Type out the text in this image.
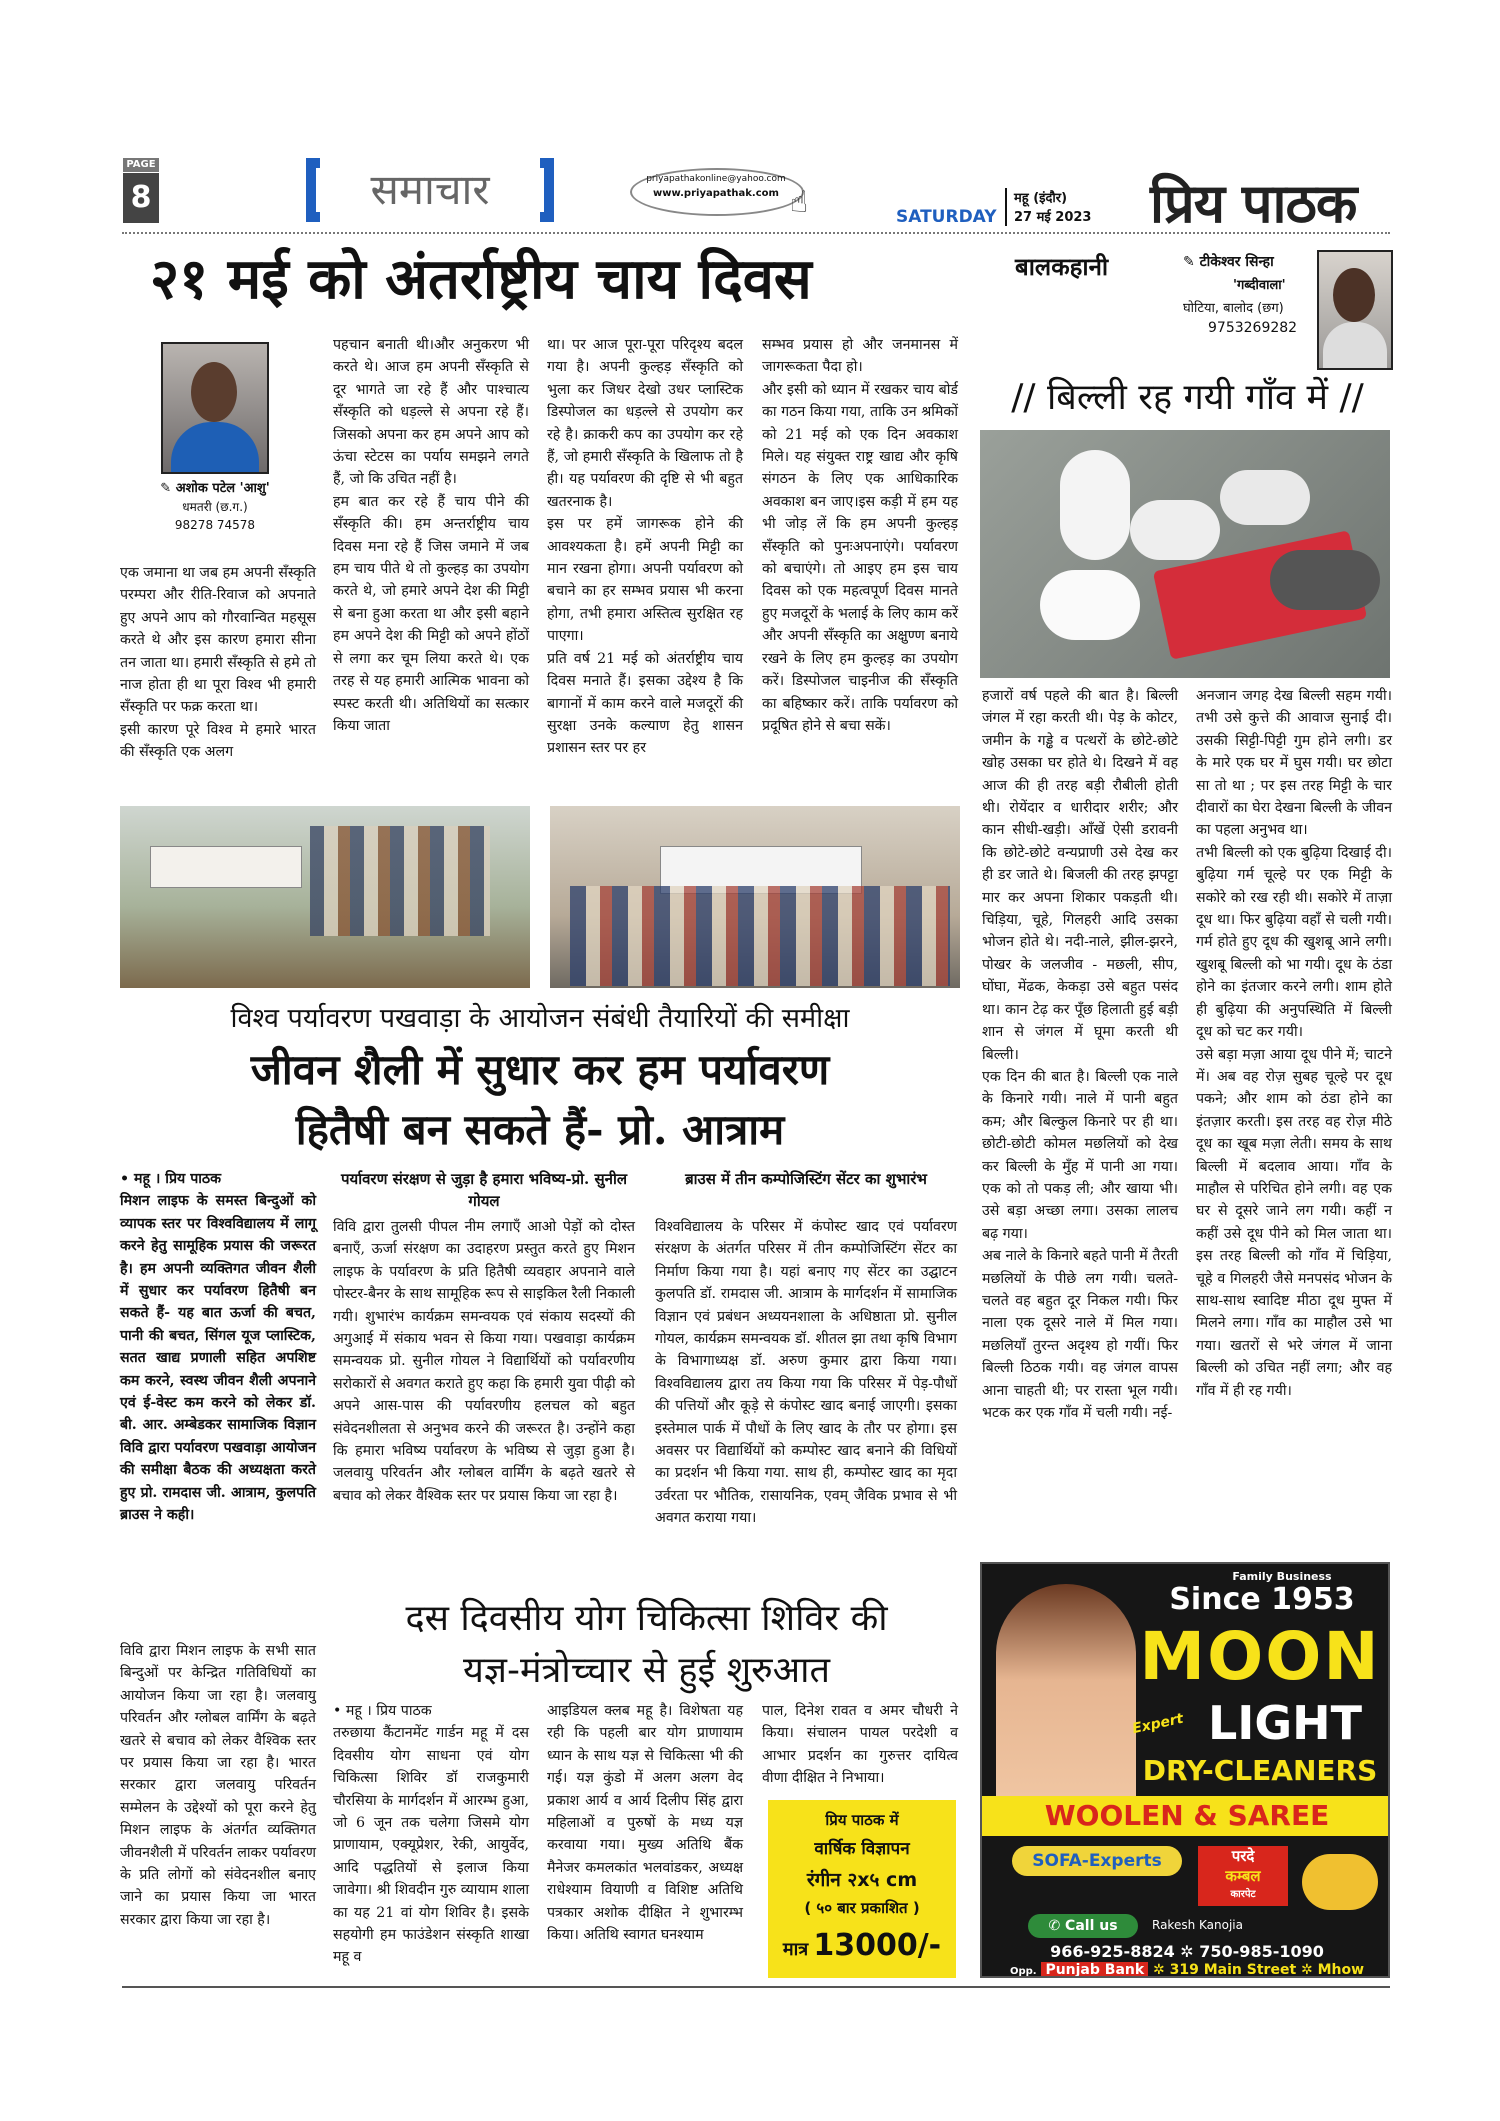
PAGE
8	समाचार	priyapathakonline@yahoo.com
www.priyapathak.com ☝	SATURDAY
महू (इंदौर)
27 मई 2023 प्रिय पाठक
२१ मई को अंतर्राष्ट्रीय चाय दिवस
✎ अशोक पटेल 'आशु'
धमतरी (छ.ग.)
98278 74578

एक जमाना था जब हम अपनी सँस्कृति परम्परा और रीति-रिवाज को अपनाते हुए अपने आप को गौरवान्वित महसूस करते थे और इस कारण हमारा सीना तन जाता था। हमारी सँस्कृति से हमे तो नाज होता ही था पूरा विश्व भी हमारी सँस्कृति पर फक्र करता था।
इसी कारण पूरे विश्व मे हमारे भारत की सँस्कृति एक अलग

पहचान बनाती थी।और अनुकरण भी करते थे। आज हम अपनी सँस्कृति से दूर भागते जा रहे हैं और पाश्चात्य सँस्कृति को धड़ल्ले से अपना रहे हैं। जिसको अपना कर हम अपने आप को ऊंचा स्टेटस का पर्याय समझने लगते हैं, जो कि उचित नहीं है।
हम बात कर रहे हैं चाय पीने की सँस्कृति की। हम अन्तर्राष्ट्रीय चाय दिवस मना रहे हैं जिस जमाने में जब हम चाय पीते थे तो कुल्हड़ का उपयोग करते थे, जो हमारे अपने देश की मिट्टी से बना हुआ करता था और इसी बहाने हम अपने देश की मिट्टी को अपने होंठों से लगा कर चूम लिया करते थे। एक तरह से यह हमारी आत्मिक भावना को स्पस्ट करती थी। अतिथियों का सत्कार किया जाता

था। पर आज पूरा-पूरा परिदृश्य बदल गया है। अपनी कुल्हड़ सँस्कृति को भुला कर जिधर देखो उधर प्लास्टिक डिस्पोजल का धड़ल्ले से उपयोग कर रहे है। क्राकरी कप का उपयोग कर रहे हैं, जो हमारी सँस्कृति के खिलाफ तो है ही। यह पर्यावरण की दृष्टि से भी बहुत खतरनाक है।
इस पर हमें जागरूक होने की आवश्यकता है। हमें अपनी मिट्टी का मान रखना होगा। अपनी पर्यावरण को बचाने का हर सम्भव प्रयास भी करना होगा, तभी हमारा अस्तित्व सुरक्षित रह पाएगा।
प्रति वर्ष 21 मई को अंतर्राष्ट्रीय चाय दिवस मनाते हैं। इसका उद्देश्य है कि बागानों में काम करने वाले मजदूरों की सुरक्षा उनके कल्याण हेतु शासन प्रशासन स्तर पर हर

सम्भव प्रयास हो और जनमानस में जागरूकता पैदा हो।
और इसी को ध्यान में रखकर चाय बोर्ड का गठन किया गया, ताकि उन श्रमिकों को 21 मई को एक दिन अवकाश मिले। यह संयुक्त राष्ट्र खाद्य और कृषि संगठन के लिए एक आधिकारिक अवकाश बन जाए।इस कड़ी में हम यह भी जोड़ लें कि हम अपनी कुल्हड़ सँस्कृति को पुनःअपनाएंगे। पर्यावरण को बचाएंगे। तो आइए हम इस चाय दिवस को एक महत्वपूर्ण दिवस मानते हुए मजदूरों के भलाई के लिए काम करें और अपनी सँस्कृति का अक्षुण्ण बनाये रखने के लिए हम कुल्हड़ का उपयोग करें। डिस्पोजल चाइनीज की सँस्कृति का बहिष्कार करें। ताकि पर्यावरण को प्रदूषित होने से बचा सकें।

बालकहानी	✎ टीकेश्वर सिन्हा
'गब्दीवाला'
घोटिया, बालोद (छग)
9753269282
// बिल्ली रह गयी गाँव में //

हजारों वर्ष पहले की बात है। बिल्ली जंगल में रहा करती थी। पेड़ के कोटर, जमीन के गड्ढे व पत्थरों के छोटे-छोटे खोह उसका घर होते थे। दिखने में वह आज की ही तरह बड़ी रौबीली होती थी। रोयेंदार व धारीदार शरीर; और कान सीधी-खड़ी। आँखें ऐसी डरावनी कि छोटे-छोटे वन्यप्राणी उसे देख कर ही डर जाते थे। बिजली की तरह झपट्टा मार कर अपना शिकार पकड़ती थी। चिड़िया, चूहे, गिलहरी आदि उसका भोजन होते थे। नदी-नाले, झील-झरने, पोखर के जलजीव - मछली, सीप, घोंघा, मेंढक, केकड़ा उसे बहुत पसंद था। कान टेढ़ कर पूँछ हिलाती हुई बड़ी शान से जंगल में घूमा करती थी बिल्ली।
एक दिन की बात है। बिल्ली एक नाले के किनारे गयी। नाले में पानी बहुत कम; और बिल्कुल किनारे पर ही था। छोटी-छोटी कोमल मछलियों को देख कर बिल्ली के मुँह में पानी आ गया। एक को तो पकड़ ली; और खाया भी। उसे बड़ा अच्छा लगा। उसका लालच बढ़ गया।
अब नाले के किनारे बहते पानी में तैरती मछलियों के पीछे लग गयी। चलते-चलते वह बहुत दूर निकल गयी। फिर नाला एक दूसरे नाले में मिल गया। मछलियाँ तुरन्त अदृश्य हो गयीं। फिर बिल्ली ठिठक गयी। वह जंगल वापस आना चाहती थी; पर रास्ता भूल गयी। भटक कर एक गाँव में चली गयी। नई-

अनजान जगह देख बिल्ली सहम गयी। तभी उसे कुत्ते की आवाज सुनाई दी। उसकी सिट्टी-पिट्टी गुम होने लगी। डर के मारे एक घर में घुस गयी। घर छोटा सा तो था ; पर इस तरह मिट्टी के चार दीवारों का घेरा देखना बिल्ली के जीवन का पहला अनुभव था।
तभी बिल्ली को एक बुढ़िया दिखाई दी। बुढ़िया गर्म चूल्हे पर एक मिट्टी के सकोरे को रख रही थी। सकोरे में ताज़ा दूध था। फिर बुढ़िया वहाँ से चली गयी। गर्म होते हुए दूध की खुशबू आने लगी। खुशबू बिल्ली को भा गयी। दूध के ठंडा होने का इंतजार करने लगी। शाम होते ही बुढ़िया की अनुपस्थिति में बिल्ली दूध को चट कर गयी।
उसे बड़ा मज़ा आया दूध पीने में; चाटने में। अब वह रोज़ सुबह चूल्हे पर दूध पकने; और शाम को ठंडा होने का इंतज़ार करती। इस तरह वह रोज़ मीठे दूध का खूब मज़ा लेती। समय के साथ बिल्ली में बदलाव आया। गाँव के माहौल से परिचित होने लगी। वह एक घर से दूसरे जाने लग गयी। कहीं न कहीं उसे दूध पीने को मिल जाता था। इस तरह बिल्ली को गाँव में चिड़िया, चूहे व गिलहरी जैसे मनपसंद भोजन के साथ-साथ स्वादिष्ट मीठा दूध मुफ्त में मिलने लगा। गाँव का माहौल उसे भा गया। खतरों से भरे जंगल में जाना बिल्ली को उचित नहीं लगा; और वह गाँव में ही रह गयी।

विश्व पर्यावरण पखवाड़ा के आयोजन संबंधी तैयारियों की समीक्षा
जीवन शैली में सुधार कर हम पर्यावरण
हितैषी बन सकते हैं- प्रो. आत्राम

• महू । प्रिय पाठक
मिशन लाइफ के समस्त बिन्दुओं को व्यापक स्तर पर विश्वविद्यालय में लागू करने हेतु सामूहिक प्रयास की जरूरत है। हम अपनी व्यक्तिगत जीवन शैली में सुधार कर पर्यावरण हितैषी बन सकते हैं- यह बात ऊर्जा की बचत, पानी की बचत, सिंगल यूज प्लास्टिक, सतत खाद्य प्रणाली सहित अपशिष्ट कम करने, स्वस्थ जीवन शैली अपनाने एवं ई-वेस्ट कम करने को लेकर डॉ. बी. आर. अम्बेडकर सामाजिक विज्ञान विवि द्वारा पर्यावरण पखवाड़ा आयोजन की समीक्षा बैठक की अध्यक्षता करते हुए प्रो. रामदास जी. आत्राम, कुलपति ब्राउस ने कही।

विवि द्वारा मिशन लाइफ के सभी सात बिन्दुओं पर केन्द्रित गतिविधियों का आयोजन किया जा रहा है। जलवायु परिवर्तन और ग्लोबल वार्मिंग के बढ़ते खतरे से बचाव को लेकर वैश्विक स्तर पर प्रयास किया जा रहा है। भारत सरकार द्वारा जलवायु परिवर्तन सम्मेलन के उद्देश्यों को पूरा करने हेतु मिशन लाइफ के अंतर्गत व्यक्तिगत जीवनशैली में परिवर्तन लाकर पर्यावरण के प्रति लोगों को संवेदनशील बनाए जाने का प्रयास किया जा भारत सरकार द्वारा किया जा रहा है।

पर्यावरण संरक्षण से जुड़ा है हमारा भविष्य-प्रो. सुनील गोयल

विवि द्वारा तुलसी पीपल नीम लगाएँ आओ पेड़ों को दोस्त बनाएँ, ऊर्जा संरक्षण का उदाहरण प्रस्तुत करते हुए मिशन लाइफ के पर्यावरण के प्रति हितैषी व्यवहार अपनाने वाले पोस्टर-बैनर के साथ सामूहिक रूप से साइकिल रैली निकाली गयी। शुभारंभ कार्यक्रम समन्वयक एवं संकाय सदस्यों की अगुआई में संकाय भवन से किया गया। पखवाड़ा कार्यक्रम समन्वयक प्रो. सुनील गोयल ने विद्यार्थियों को पर्यावरणीय सरोकारों से अवगत कराते हुए कहा कि हमारी युवा पीढ़ी को अपने आस-पास की पर्यावरणीय हलचल को बहुत संवेदनशीलता से अनुभव करने की जरूरत है। उन्होंने कहा कि हमारा भविष्य पर्यावरण के भविष्य से जुड़ा हुआ है। जलवायु परिवर्तन और ग्लोबल वार्मिंग के बढ़ते खतरे से बचाव को लेकर वैश्विक स्तर पर प्रयास किया जा रहा है।

ब्राउस में तीन कम्पोजिस्टिंग सेंटर का शुभारंभ

विश्वविद्यालय के परिसर में कंपोस्ट खाद एवं पर्यावरण संरक्षण के अंतर्गत परिसर में तीन कम्पोजिस्टिंग सेंटर का निर्माण किया गया है। यहां बनाए गए सेंटर का उद्घाटन कुलपति डॉ. रामदास जी. आत्राम के मार्गदर्शन में सामाजिक विज्ञान एवं प्रबंधन अध्ययनशाला के अधिष्ठाता प्रो. सुनील गोयल, कार्यक्रम समन्वयक डॉ. शीतल झा तथा कृषि विभाग के विभागाध्यक्ष डॉ. अरुण कुमार द्वारा किया गया। विश्वविद्यालय द्वारा तय किया गया कि परिसर में पेड़-पौधों की पत्तियों और कूड़े से कंपोस्ट खाद बनाई जाएगी। इसका इस्तेमाल पार्क में पौधों के लिए खाद के तौर पर होगा। इस अवसर पर विद्यार्थियों को कम्पोस्ट खाद बनाने की विधियों का प्रदर्शन भी किया गया. साथ ही, कम्पोस्ट खाद का मृदा उर्वरता पर भौतिक, रासायनिक, एवम् जैविक प्रभाव से भी अवगत कराया गया।

दस दिवसीय योग चिकित्सा शिविर की
यज्ञ-मंत्रोच्चार से हुई शुरुआत

• महू । प्रिय पाठक
तरुछाया कैंटानमेंट गार्डन महू में दस दिवसीय योग साधना एवं योग चिकित्सा शिविर डॉ राजकुमारी चौरसिया के मार्गदर्शन में आरम्भ हुआ, जो 6 जून तक चलेगा जिसमे योग प्राणायाम, एक्यूप्रेशर, रेकी, आयुर्वेद, आदि पद्धतियों से इलाज किया जावेगा। श्री शिवदीन गुरु व्यायाम शाला का यह 21 वां योग शिविर है। इसके सहयोगी हम फाउंडेशन संस्कृति शाखा महू व

आइडियल क्लब महू है। विशेषता यह रही कि पहली बार योग प्राणायाम ध्यान के साथ यज्ञ से चिकित्सा भी की गई। यज्ञ कुंडो में अलग अलग वेद प्रकाश आर्य व आर्य दिलीप सिंह द्वारा महिलाओं व पुरुषों के मध्य यज्ञ करवाया गया। मुख्य अतिथि बैंक मैनेजर कमलकांत भलवांडकर, अध्यक्ष राधेश्याम वियाणी व विशिष्ट अतिथि पत्रकार अशोक दीक्षित ने शुभारम्भ किया। अतिथि स्वागत घनश्याम

पाल, दिनेश रावत व अमर चौधरी ने किया। संचालन पायल परदेशी व आभार प्रदर्शन का गुरुत्तर दायित्व वीणा दीक्षित ने निभाया।

प्रिय पाठक में
वार्षिक विज्ञापन
रंगीन २x५ cm
( ५० बार प्रकाशित )
मात्र 13000/-
Family Business
Since 1953
MOON
Expert LIGHT
DRY-CLEANERS
WOOLEN & SAREE
SOFA-Experts	परदे
कम्बल
कारपेट
✆ Call us	Rakesh Kanojia
966-925-8824 ✲ 750-985-1090
Opp. Punjab Bank ✲ 319 Main Street ✲ Mhow
